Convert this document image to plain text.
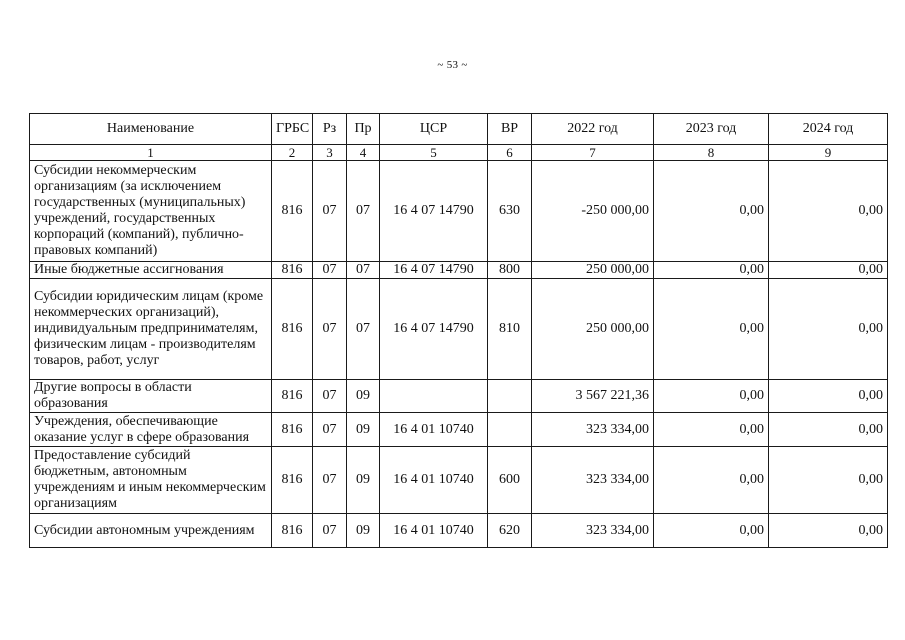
~ 53 ~
Наименование	ГРБС	Рз	Пр	ЦСР	ВР	2022 год	2023 год	2024 год
1	2	3	4	5	6	7	8	9
Субсидии некоммерческим организациям (за исключением государственных (муниципальных) учреждений, государственных корпораций (компаний), публично-правовых компаний)	816	07	07	16 4 07 14790	630	-250 000,00	0,00	0,00
Иные бюджетные ассигнования	816	07	07	16 4 07 14790	800	250 000,00	0,00	0,00
Субсидии юридическим лицам (кроме некоммерческих организаций), индивидуальным предпринимателям, физическим лицам - производителям товаров, работ, услуг	816	07	07	16 4 07 14790	810	250 000,00	0,00	0,00
Другие вопросы в области образования	816	07	09			3 567 221,36	0,00	0,00
Учреждения, обеспечивающие оказание услуг в сфере образования	816	07	09	16 4 01 10740		323 334,00	0,00	0,00
Предоставление субсидий бюджетным, автономным учреждениям и иным некоммерческим организациям	816	07	09	16 4 01 10740	600	323 334,00	0,00	0,00
Субсидии автономным учреждениям	816	07	09	16 4 01 10740	620	323 334,00	0,00	0,00
